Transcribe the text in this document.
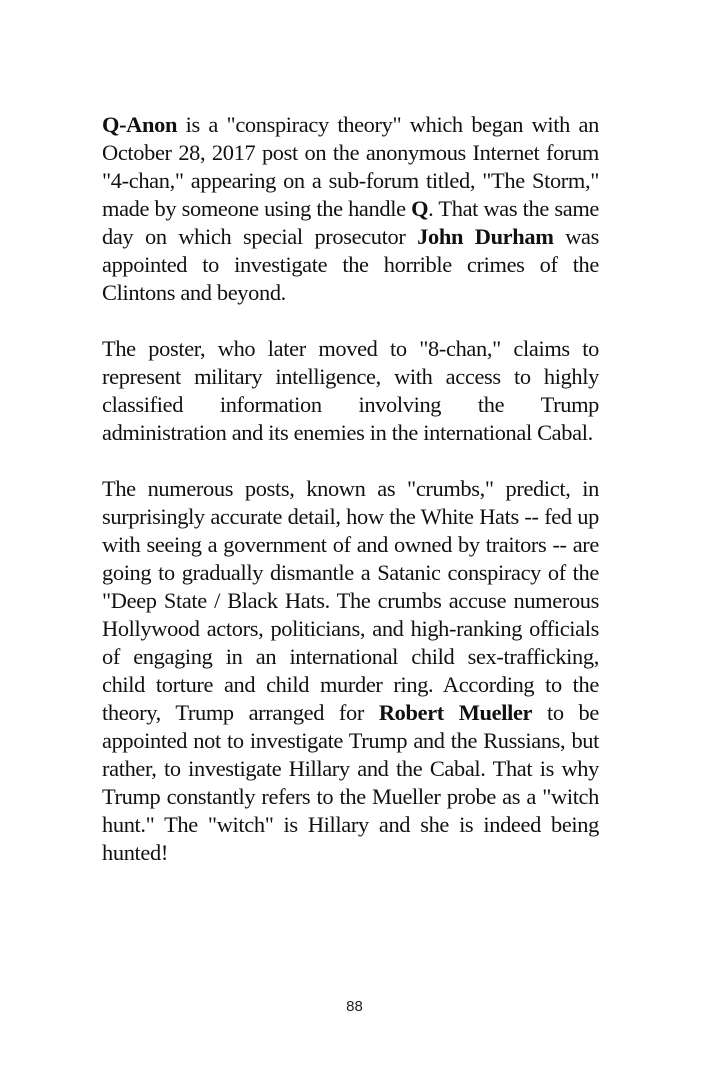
Q-Anon is a "conspiracy theory" which began with an October 28, 2017 post on the anonymous Internet forum "4-chan," appearing on a sub-forum titled, "The Storm," made by someone using the handle Q. That was the same day on which special prosecutor John Durham was appointed to investigate the horrible crimes of the Clintons and beyond.

The poster, who later moved to "8-chan," claims to represent military intelligence, with access to highly classified information involving the Trump administration and its enemies in the international Cabal.

The numerous posts, known as "crumbs," predict, in surprisingly accurate detail, how the White Hats -- fed up with seeing a government of and owned by traitors -- are going to gradually dismantle a Satanic conspiracy of the "Deep State / Black Hats. The crumbs accuse numerous Hollywood actors, politicians, and high-ranking officials of engaging in an international child sex-trafficking, child torture and child murder ring. According to the theory, Trump arranged for Robert Mueller to be appointed not to investigate Trump and the Russians, but rather, to investigate Hillary and the Cabal. That is why Trump constantly refers to the Mueller probe as a "witch hunt." The "witch" is Hillary and she is indeed being hunted!

88
